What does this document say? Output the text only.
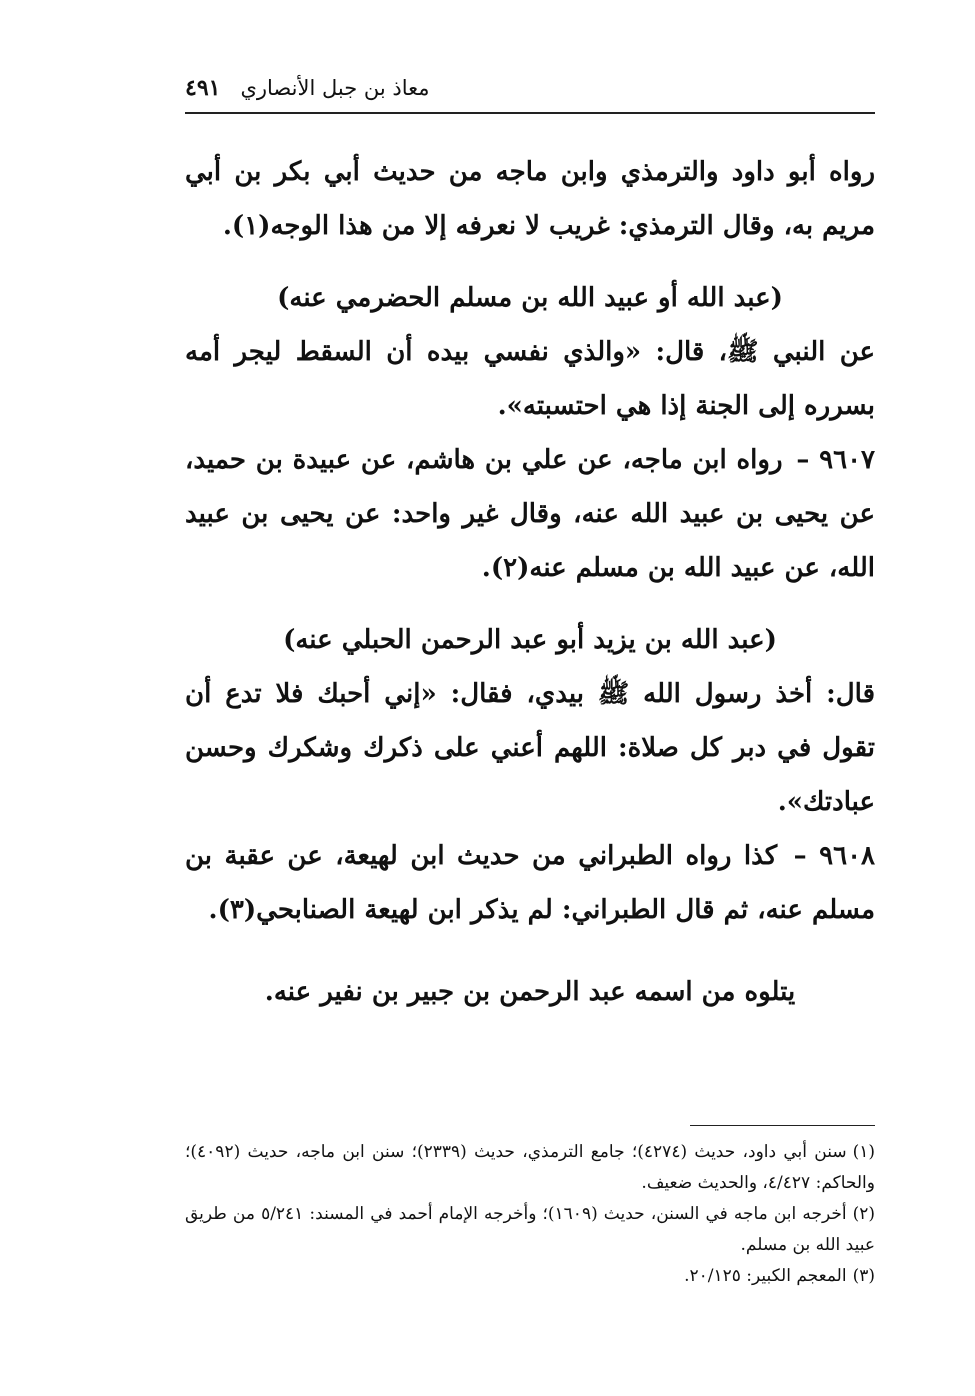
معاذ بن جبل الأنصاري
٤٩١

رواه أبو داود والترمذي وابن ماجه من حديث أبي بكر بن أبي مريم به، وقال الترمذي: غريب لا نعرفه إلا من هذا الوجه(١).

(عبد الله أو عبيد الله بن مسلم الحضرمي عنه)

عن النبي ﷺ، قال: «والذي نفسي بيده أن السقط ليجر أمه بسرره إلى الجنة إذا هي احتسبته».

٩٦٠٧ – رواه ابن ماجه، عن علي بن هاشم، عن عبيدة بن حميد، عن يحيى بن عبيد الله عنه، وقال غير واحد: عن يحيى بن عبيد الله، عن عبيد الله بن مسلم عنه(٢).

(عبد الله بن يزيد أبو عبد الرحمن الحبلي عنه)

قال: أخذ رسول الله ﷺ بيدي، فقال: «إني أحبك فلا تدع أن تقول في دبر كل صلاة: اللهم أعني على ذكرك وشكرك وحسن عبادتك».

٩٦٠٨ – كذا رواه الطبراني من حديث ابن لهيعة، عن عقبة بن مسلم عنه، ثم قال الطبراني: لم يذكر ابن لهيعة الصنابحي(٣).

يتلوه من اسمه عبد الرحمن بن جبير بن نفير عنه.

(١)سنن أبي داود، حديث (٤٢٧٤)؛ جامع الترمذي، حديث (٢٣٣٩)؛ سنن ابن ماجه، حديث (٤٠٩٢)؛ والحاكم: ٤/٤٢٧، والحديث ضعيف.

(٢)أخرجه ابن ماجه في السنن، حديث (١٦٠٩)؛ وأخرجه الإمام أحمد في المسند: ٥/٢٤١ من طريق عبيد الله بن مسلم.

(٣)المعجم الكبير: ٢٠/١٢٥.
